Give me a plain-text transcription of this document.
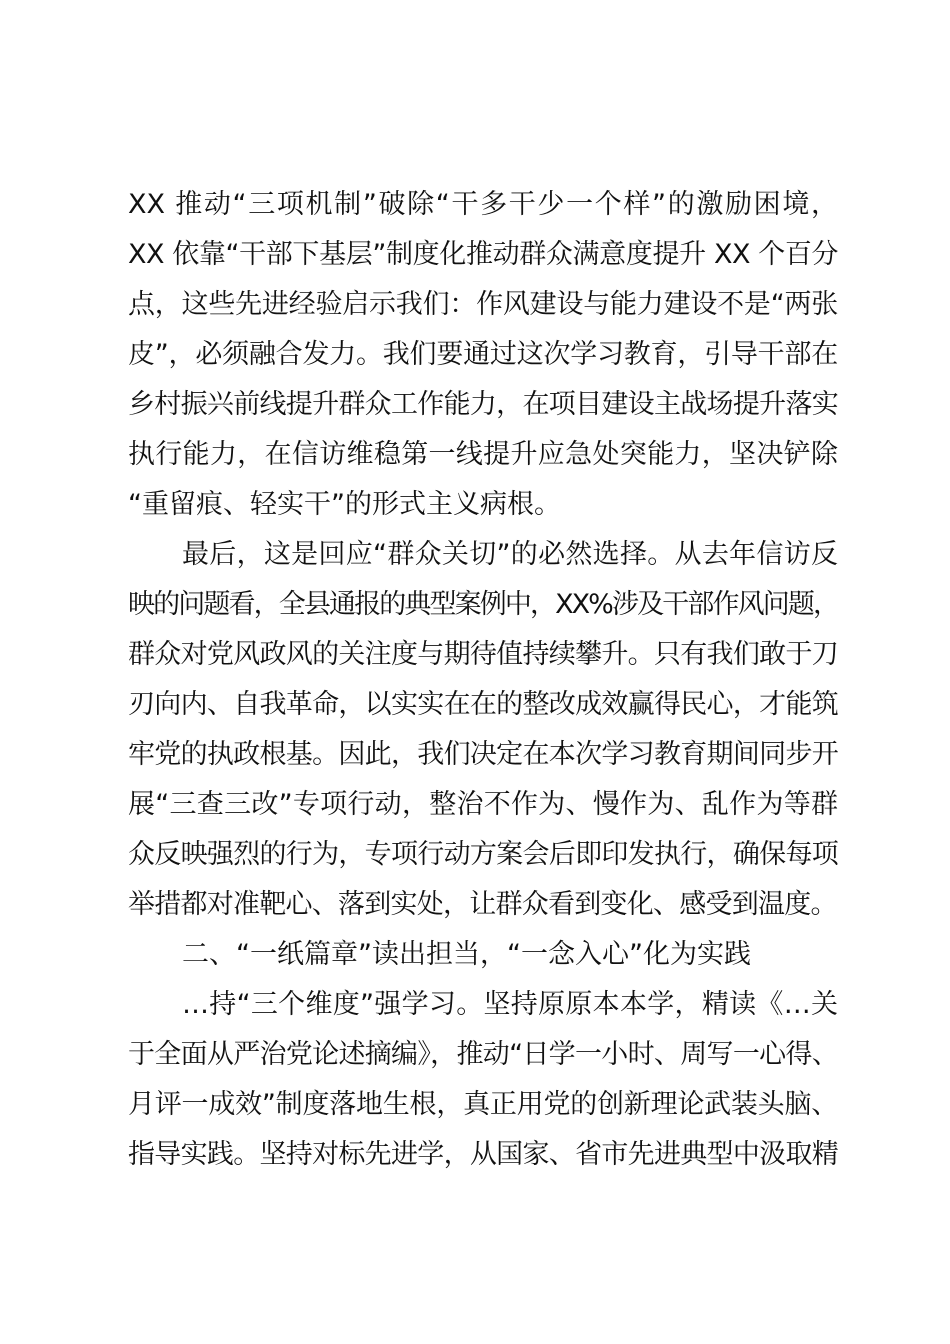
XX 推动“三项机制”破除“干多干少一个样”的激励困境，
XX 依靠“干部下基层”制度化推动群众满意度提升 XX 个百分
点，这些先进经验启示我们：作风建设与能力建设不是“两张
皮”，必须融合发力。我们要通过这次学习教育，引导干部在
乡村振兴前线提升群众工作能力，在项目建设主战场提升落实
执行能力，在信访维稳第一线提升应急处突能力，坚决铲除
“重留痕、轻实干”的形式主义病根。
最后，这是回应“群众关切”的必然选择。从去年信访反
映的问题看，全县通报的典型案例中，XX%涉及干部作风问题，
群众对党风政风的关注度与期待值持续攀升。只有我们敢于刀
刃向内、自我革命，以实实在在的整改成效赢得民心，才能筑
牢党的执政根基。因此，我们决定在本次学习教育期间同步开
展“三查三改”专项行动，整治不作为、慢作为、乱作为等群
众反映强烈的行为，专项行动方案会后即印发执行，确保每项
举措都对准靶心、落到实处，让群众看到变化、感受到温度。
二、“一纸篇章”读出担当，“一念入心”化为实践
…持“三个维度”强学习。坚持原原本本学，精读《…关
于全面从严治党论述摘编》，推动“日学一小时、周写一心得、
月评一成效”制度落地生根，真正用党的创新理论武装头脑、
指导实践。坚持对标先进学，从国家、省市先进典型中汲取精
